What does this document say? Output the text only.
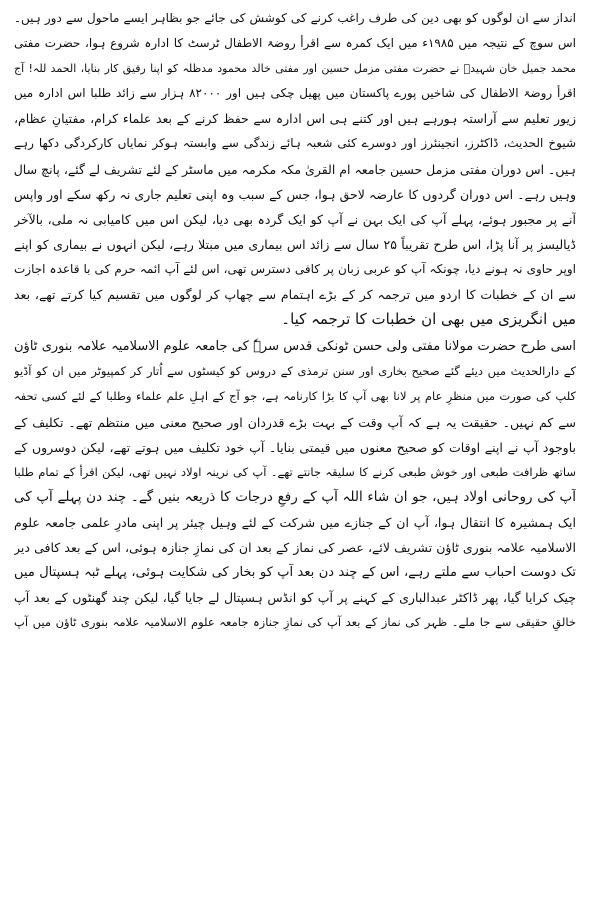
انداز سے ان لوگوں کو بھی دین کی طرف راغب کرنے کی کوشش کی جائے جو بظاہر ایسے ماحول سے دور ہیں۔
اس سوچ کے نتیجہ میں ۱۹۸۵ء میں ایک کمرہ سے اقرأ روضۃ الاطفال ٹرسٹ کا ادارہ شروع ہوا، حضرت مفتی
محمد جمیل خان شہیدؒ نے حضرت مفتی مزمل حسین اور مفتی خالد محمود مدظلہ کو اپنا رفیق کار بنایا، الحمد للہ! آج
اقرأ روضۃ الاطفال کی شاخیں پورے پاکستان میں پھیل چکی ہیں اور ۸۲۰۰۰ ہزار سے زائد طلبا اس ادارہ میں
زیور تعلیم سے آراستہ ہورہے ہیں اور کتنے ہی اس ادارہ سے حفظ کرنے کے بعد علماء کرام، مفتیانِ عظام،
شیوخ الحدیث، ڈاکٹرز، انجینئرز اور دوسرے کئی شعبہ ہائے زندگی سے وابستہ ہوکر نمایاں کارکردگی دکھا رہے
ہیں۔ اس دوران مفتی مزمل حسین جامعہ ام القریٰ مکہ مکرمہ میں ماسٹر کے لئے تشریف لے گئے، پانچ سال
وہیں رہے۔ اس دوران گردوں کا عارضہ لاحق ہوا، جس کے سبب وہ اپنی تعلیم جاری نہ رکھ سکے اور واپس
آنے پر مجبور ہوئے، پہلے آپ کی ایک بہن نے آپ کو ایک گردہ بھی دیا، لیکن اس میں کامیابی نہ ملی، بالآخر
ڈیالیسز پر آنا پڑا، اس طرح تقریباً ۲۵ سال سے زائد اس بیماری میں مبتلا رہے، لیکن انہوں نے بیماری کو اپنے
اوپر حاوی نہ ہونے دیا، چونکہ آپ کو عربی زبان پر کافی دسترس تھی، اس لئے آپ ائمہ حرم کی با قاعدہ اجازت
سے ان کے خطبات کا اردو میں ترجمہ کر کے بڑے اہتمام سے چھاپ کر لوگوں میں تقسیم کیا کرتے تھے، بعد
میں انگریزی میں بھی ان خطبات کا ترجمہ کیا۔
اسی طرح حضرت مولانا مفتی ولی حسن ٹونکی قدس سرہٗ کی جامعہ علوم الاسلامیہ علامہ بنوری ٹاؤن
کے دارالحدیث میں دیئے گئے صحیح بخاری اور سنن ترمذی کے دروس کو کیسٹوں سے اُتار کر کمپیوٹر میں ان کو آڈیو
کلپ کی صورت میں منظرِ عام پر لانا بھی آپ کا بڑا کارنامہ ہے، جو آج کے اہلِ علم علماء وطلبا کے لئے کسی تحفہ
سے کم نہیں۔ حقیقت یہ ہے کہ آپ وقت کے بہت بڑے قدردان اور صحیح معنی میں منتظم تھے۔ تکلیف کے
باوجود آپ نے اپنے اوقات کو صحیح معنوں میں قیمتی بنایا۔ آپ خود تکلیف میں ہوتے تھے، لیکن دوسروں کے
ساتھ ظرافت طبعی اور خوش طبعی کرنے کا سلیقہ جانتے تھے۔ آپ کی نرینہ اولاد نہیں تھی، لیکن اقرأ کے تمام طلبا
آپ کی روحانی اولاد ہیں، جو ان شاء اللہ آپ کے رفعِ درجات کا ذریعہ بنیں گے۔ چند دن پہلے آپ کی
ایک ہمشیرہ کا انتقال ہوا، آپ ان کے جنازے میں شرکت کے لئے وہیل چیئر پر اپنی مادرِ علمی جامعہ علوم
الاسلامیہ علامہ بنوری ٹاؤن تشریف لائے، عصر کی نماز کے بعد ان کی نمازِ جنازہ ہوئی، اس کے بعد کافی دیر
تک دوست احباب سے ملتے رہے، اس کے چند دن بعد آپ کو بخار کی شکایت ہوئی، پہلے ٹبہ ہسپتال میں
چیک کرایا گیا، پھر ڈاکٹر عبدالباری کے کہنے پر آپ کو انڈس ہسپتال لے جایا گیا، لیکن چند گھنٹوں کے بعد آپ
خالقِ حقیقی سے جا ملے۔ ظہر کی نماز کے بعد آپ کی نمازِ جنازہ جامعہ علوم الاسلامیہ علامہ بنوری ٹاؤن میں آپ
